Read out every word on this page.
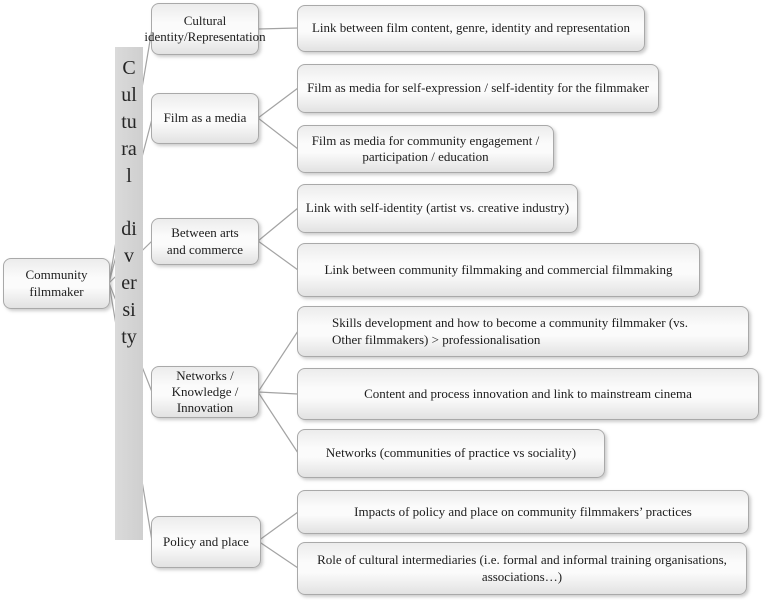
Cultural
diversity
Community filmmaker
Cultural identity/Representation
Film as a media
Between arts and commerce
Networks / Knowledge / Innovation
Policy and place
Link between film content, genre, identity and representation
Film as media for self-expression / self-identity for the filmmaker
Film as media for community engagement / participation / education
Link with self-identity (artist vs. creative industry)
Link between community filmmaking and commercial filmmaking
Skills development and how to become a community filmmaker (vs. Other filmmakers) > professionalisation
Content and process innovation and link to mainstream cinema
Networks (communities of practice vs sociality)
Impacts of policy and place on community filmmakers’ practices
Role of cultural intermediaries (i.e. formal and informal training organisations, associations…)
